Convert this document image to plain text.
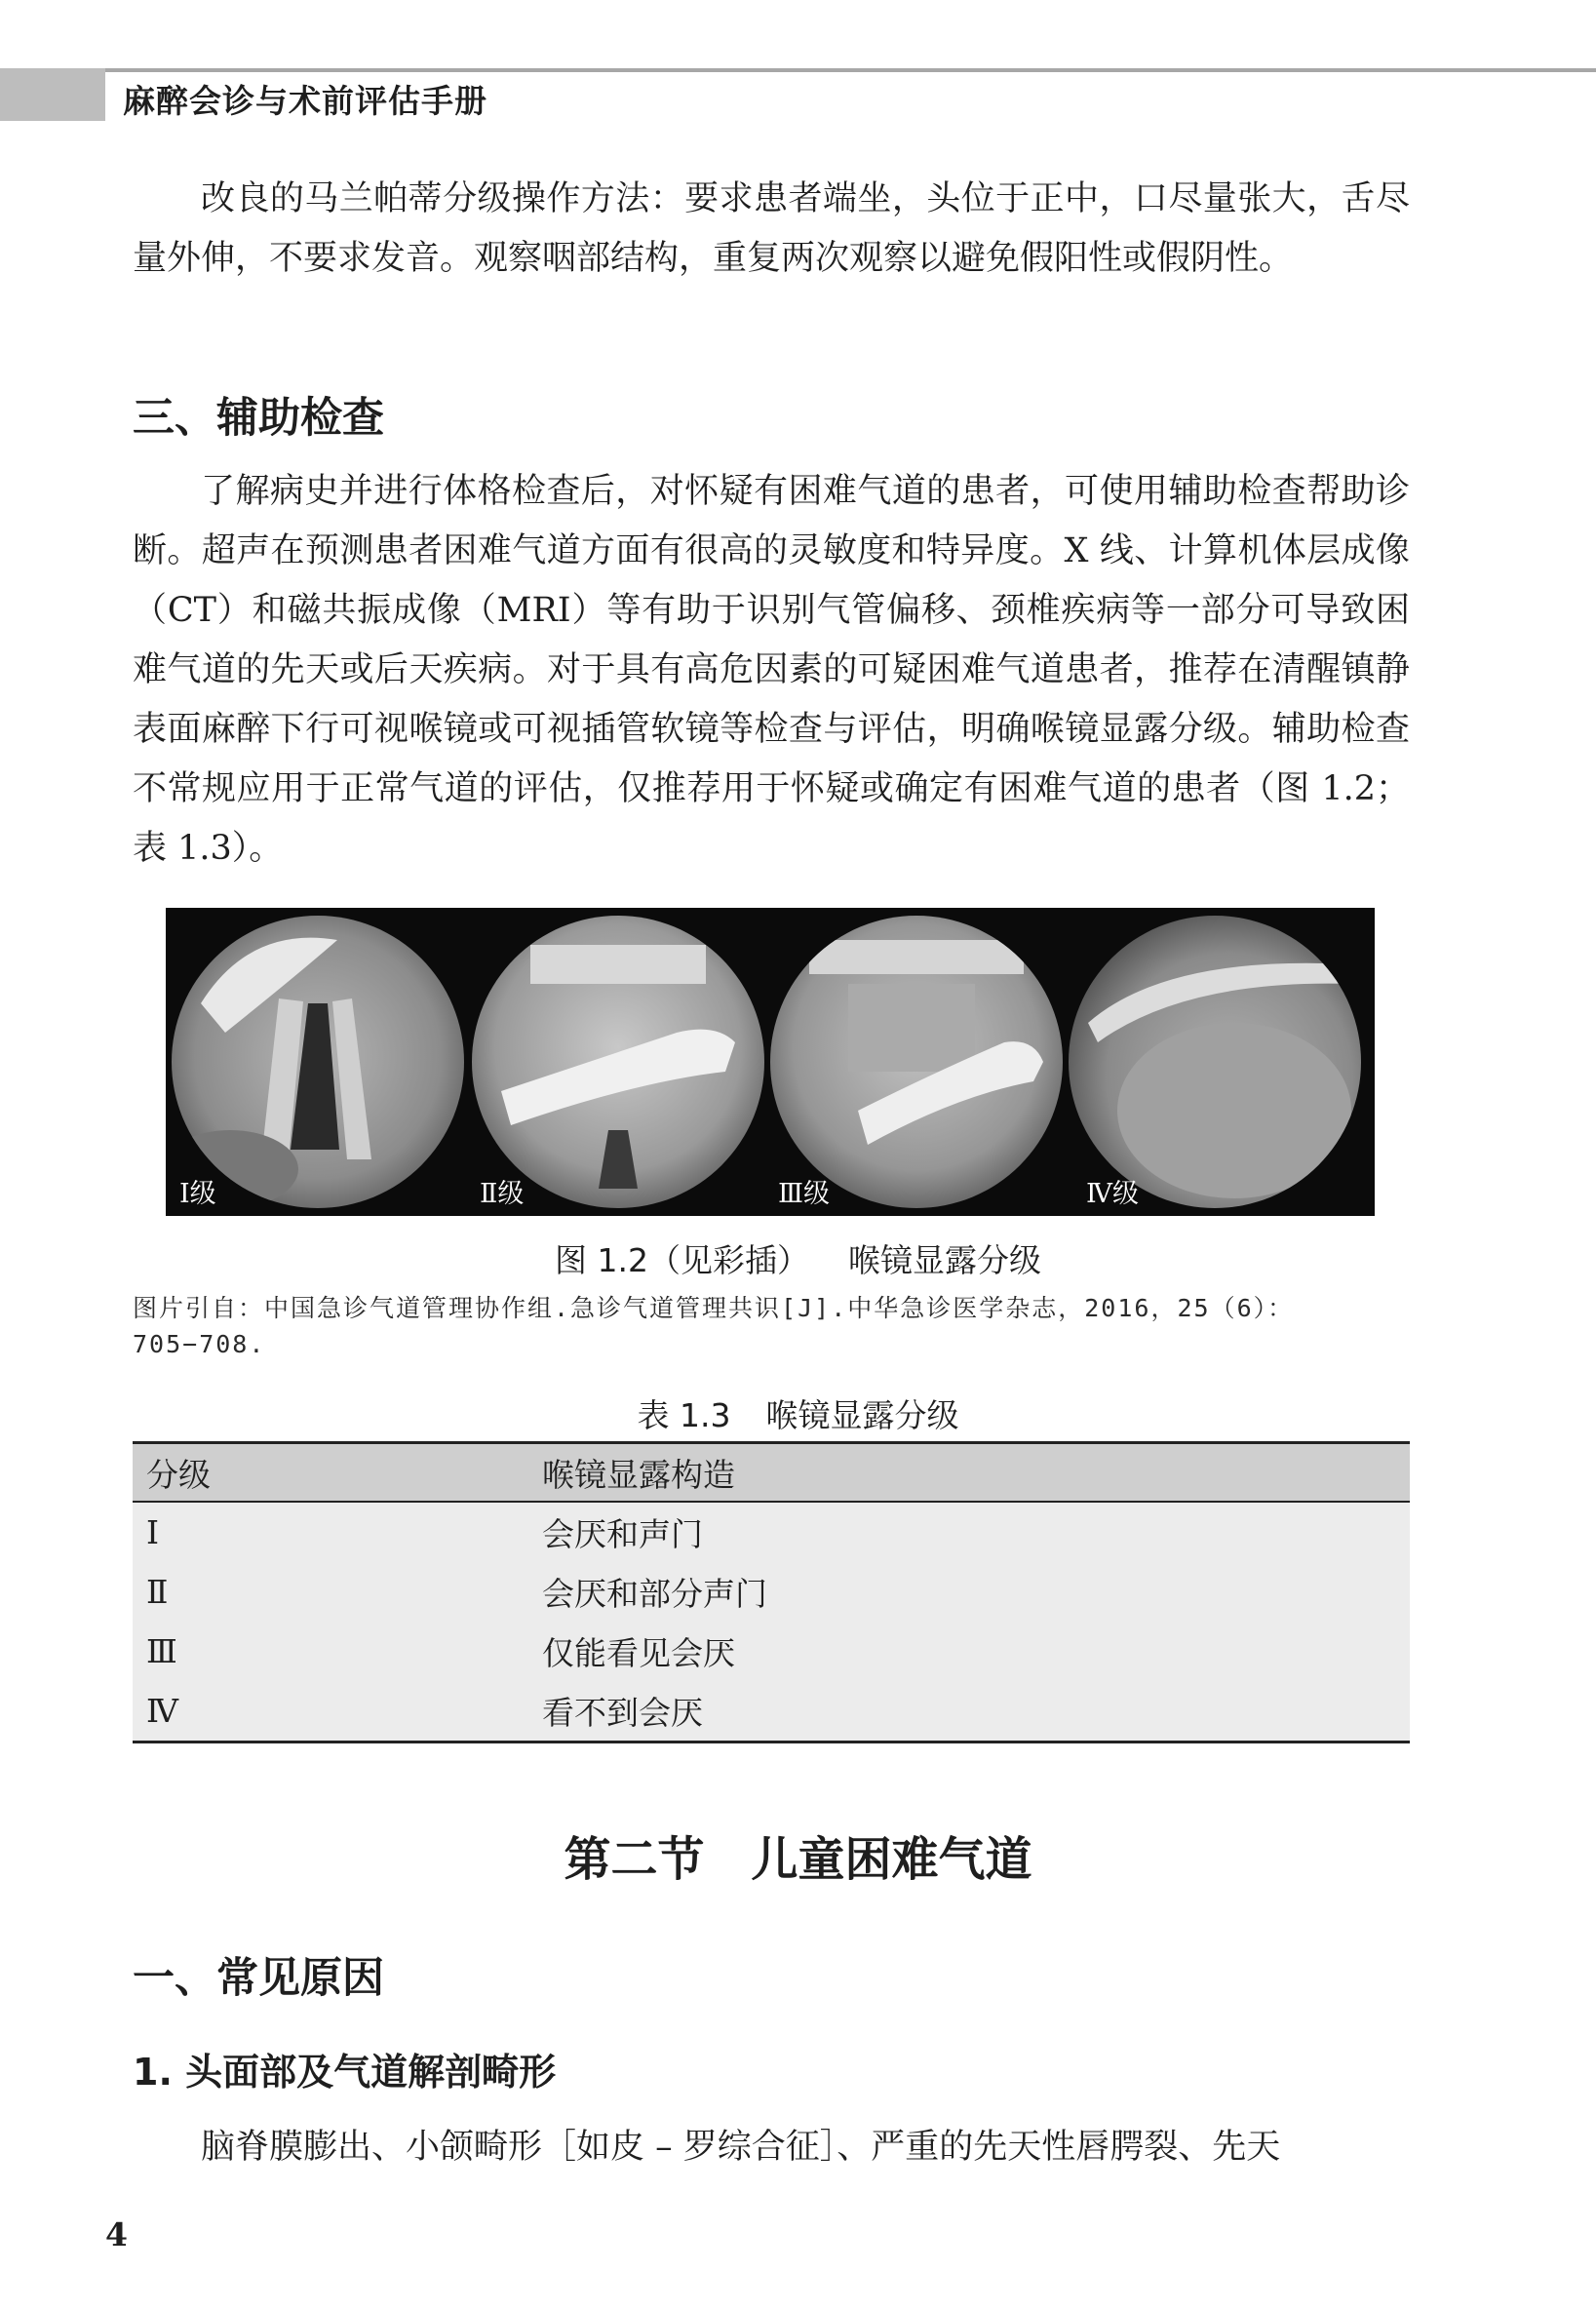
麻醉会诊与术前评估手册

改良的马兰帕蒂分级操作方法：要求患者端坐，头位于正中，口尽量张大，舌尽量外伸，不要求发音。观察咽部结构，重复两次观察以避免假阳性或假阴性。

三、辅助检查

了解病史并进行体格检查后，对怀疑有困难气道的患者，可使用辅助检查帮助诊断。超声在预测患者困难气道方面有很高的灵敏度和特异度。X 线、计算机体层成像（CT）和磁共振成像（MRI）等有助于识别气管偏移、颈椎疾病等一部分可导致困难气道的先天或后天疾病。对于具有高危因素的可疑困难气道患者，推荐在清醒镇静表面麻醉下行可视喉镜或可视插管软镜等检查与评估，明确喉镜显露分级。辅助检查不常规应用于正常气道的评估，仅推荐用于怀疑或确定有困难气道的患者（图 1.2；表 1.3）。

Ⅰ级	Ⅱ级	Ⅲ级	Ⅳ级
图 1.2（见彩插） 喉镜显露分级
图片引自：中国急诊气道管理协作组.急诊气道管理共识[J].中华急诊医学杂志，2016，25（6）：705−708.
表 1.3 喉镜显露分级
分级	喉镜显露构造
Ⅰ	会厌和声门
Ⅱ	会厌和部分声门
Ⅲ	仅能看见会厌
Ⅳ	看不到会厌
第二节　儿童困难气道
一、常见原因
1. 头面部及气道解剖畸形

脑脊膜膨出、小颌畸形［如皮 – 罗综合征］、严重的先天性唇腭裂、先天

4
